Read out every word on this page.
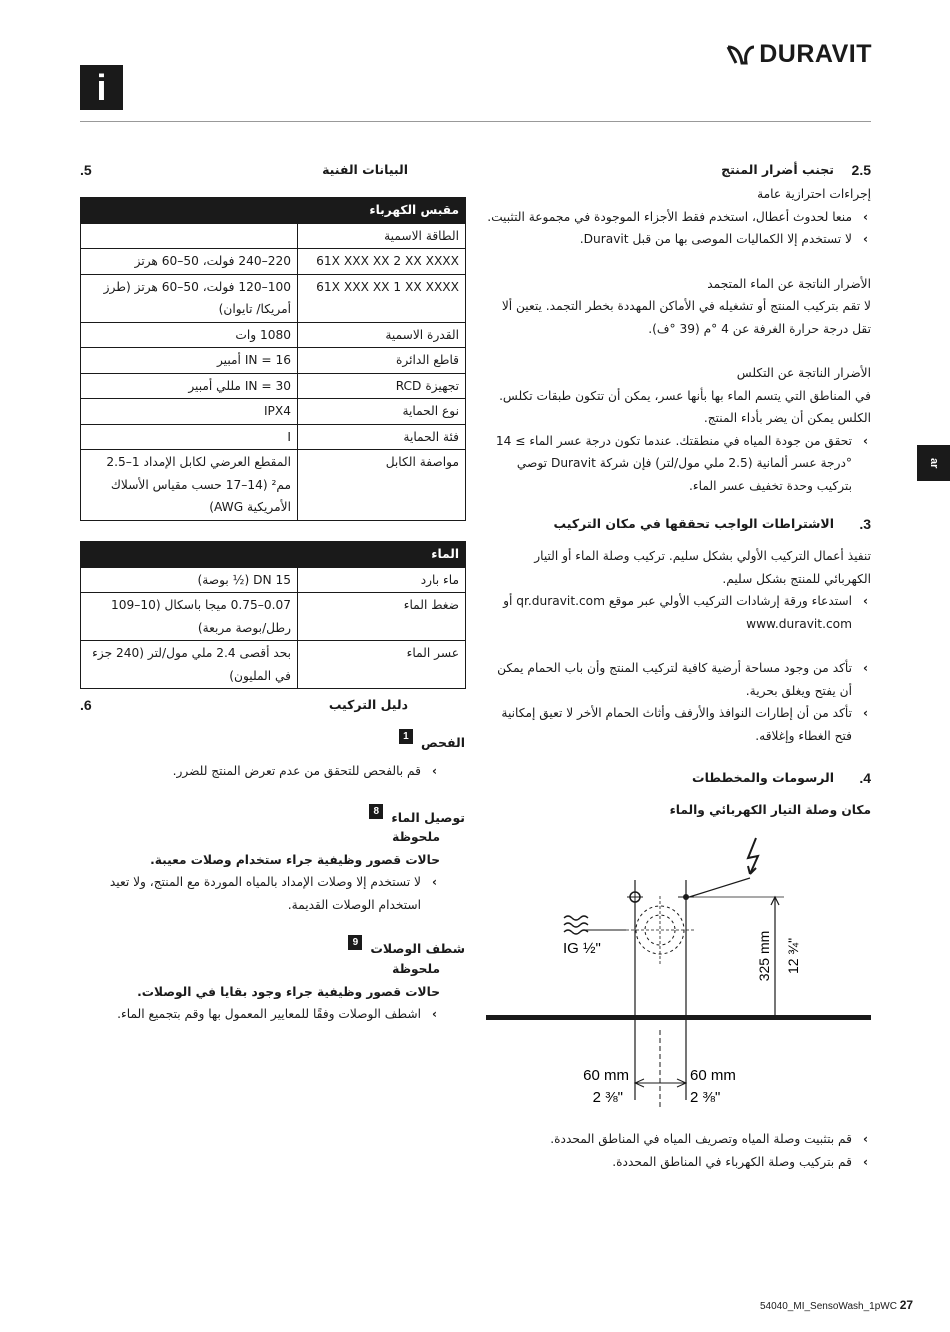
i
DURAVIT
ar
2.5
تجنب أضرار المنتج

إجراءات احترازية عامة

› منعا لحدوث أعطال، استخدم فقط الأجزاء الموجودة في مجموعة التثبيت.

› لا تستخدم إلا الكماليات الموصى بها من قبل Duravit.

الأضرار الناتجة عن الماء المتجمد

لا تقم بتركيب المنتج أو تشغيله في الأماكن المهددة بخطر التجمد. يتعين ألا تقل درجة حرارة الغرفة عن 4 °م (39 °ف).

الأضرار الناتجة عن التكلس

في المناطق التي يتسم الماء بها بأنها عسر، يمكن أن تتكون طبقات تكلس. الكلس يمكن أن يضر بأداء المنتج.

› تحقق من جودة المياه في منطقتك. عندما تكون درجة عسر الماء ≥ 14 °درجة عسر ألمانية (2.5 ملي مول/لتر) فإن شركة Duravit توصي بتركيب وحدة تخفيف عسر الماء.

3.
الاشتراطات الواجب تحققها في مكان التركيب

تنفيذ أعمال التركيب الأولي بشكل سليم. تركيب وصلة الماء أو التيار الكهربائي للمنتج بشكل سليم.

› استدعاء ورقة إرشادات التركيب الأولي عبر موقع qr.duravit.com أو www.duravit.com

› تأكد من وجود مساحة أرضية كافية لتركيب المنتج وأن باب الحمام يمكن أن يفتح ويغلق بحرية.

› تأكد من أن إطارات النوافذ والأرفف وأثاث الحمام الأخر لا تعيق إمكانية فتح الغطاء وإغلاقه.

4.
الرسومات والمخططات
مكان وصلة التيار الكهربائي والماء
IG ½"	325 mm 12 ¾"
60 mm
2 ⅜"
60 mm
2 ⅜"

› قم بتثبيت وصلة المياه وتصريف المياه في المناطق المحددة.

› قم بتركيب وصلة الكهرباء في المناطق المحددة.

5.	البيانات الفنية
مقبس الكهرباء	
الطاقة الاسمية	
61X XXX XX 2 XX XXXX	220–240 فولت، 50–60 هرتز
61X XXX XX 1 XX XXXX	100–120 فولت، 50–60 هرتز (طرز أمريكا/ تايوان)
القدرة الاسمية	1080 وات
قاطع الدائرة	IN = 16 أمبير
تجهيزة RCD	IN = 30 مللي أمبير
نوع الحماية	IPX4
فئة الحماية	I
مواصفة الكابل	المقطع العرضي لكابل الإمداد 1–2.5 مم² (14–17 حسب مقياس الأسلاك الأمريكية AWG)
الماء	
ماء بارد	DN 15 (½ بوصة)
ضغط الماء	0.07–0.75 ميجا باسكال (10–109 رطل/بوصة مربعة)
عسر الماء	بحد أقصى 2.4 ملي مول/لتر (240 جزء في المليون)
6.	دليل التركيب
1 الفحص

› قم بالفحص للتحقق من عدم تعرض المنتج للضرر.

8 توصيل الماء

ملحوظة

حالات قصور وظيفية جراء ستخدام وصلات معيبة.

› لا تستخدم إلا وصلات الإمداد بالمياه الموردة مع المنتج، ولا تعيد استخدام الوصلات القديمة.

9 شطف الوصلات

ملحوظة

حالات قصور وظيفية جراء وجود بقايا في الوصلات.

› اشطف الوصلات وفقًا للمعايير المعمول بها وقم بتجميع الماء.

54040_MI_SensoWash_1pWC 27
